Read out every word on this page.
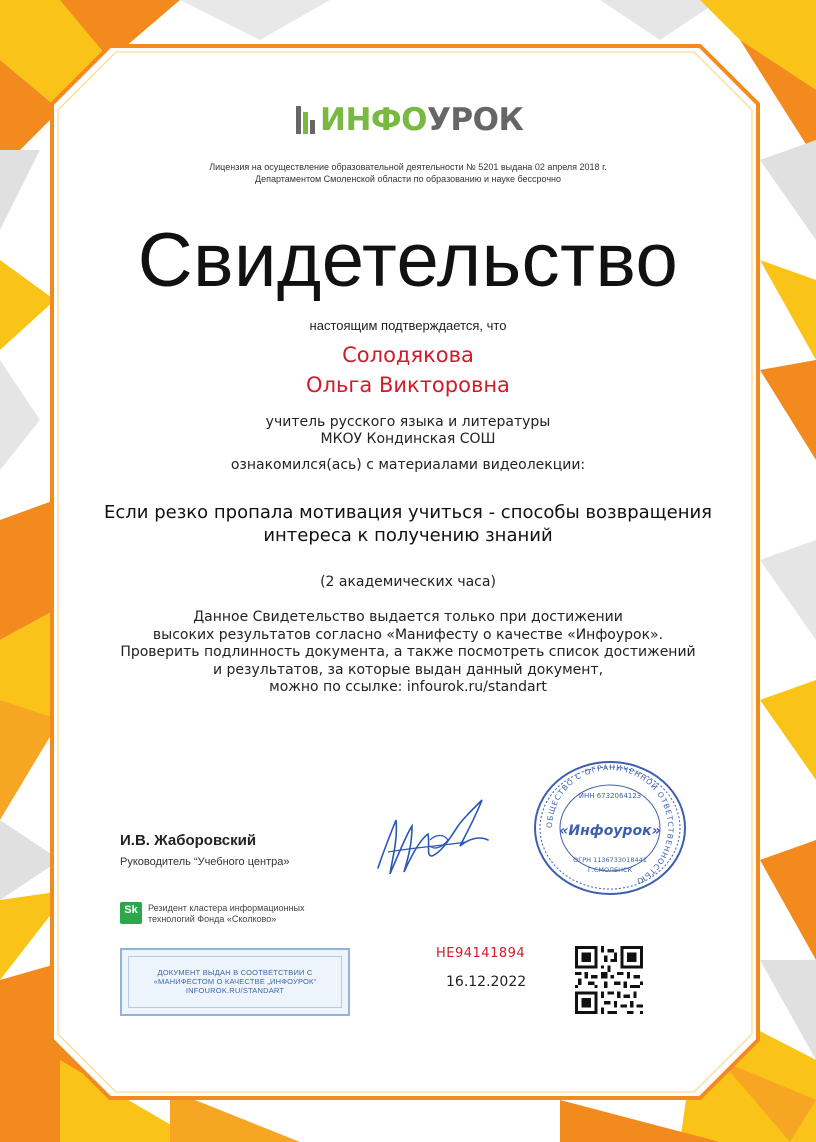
ИНФОУРОК
Лицензия на осуществление образовательной деятельности № 5201 выдана 02 апреля 2018 г.
Департаментом Смоленской области по образованию и науке бессрочно
Свидетельство
настоящим подтверждается, что
Солодякова
Ольга Викторовна
учитель русского языка и литературы
МКОУ Кондинская СОШ
ознакомился(ась) с материалами видеолекции:
Если резко пропала мотивация учиться - способы возвращения
интереса к получению знаний
(2 академических часа)
Данное Свидетельство выдается только при достижении
высоких результатов согласно «Манифесту о качестве «Инфоурок».
Проверить подлинность документа, а также посмотреть список достижений
и результатов, за которые выдан данный документ,
можно по ссылке: infourok.ru/standart
И.В. Жаборовский
Руководитель “Учебного центра»
ОБЩЕСТВО С ОГРАНИЧЕННОЙ ОТВЕТСТВЕННОСТЬЮ
ИНН 6732064123
«Инфоурок»
ОГРН 1136733018441
Г.СМОЛЕНСК
Sk	Резидент кластера информационных
технологий Фонда «Сколково»
ДОКУМЕНТ ВЫДАН В СООТВЕТСТВИИ С
«МАНИФЕСТОМ О КАЧЕСТВЕ „ИНФОУРОК“
INFOUROK.RU/STANDART
НЕ94141894
16.12.2022
